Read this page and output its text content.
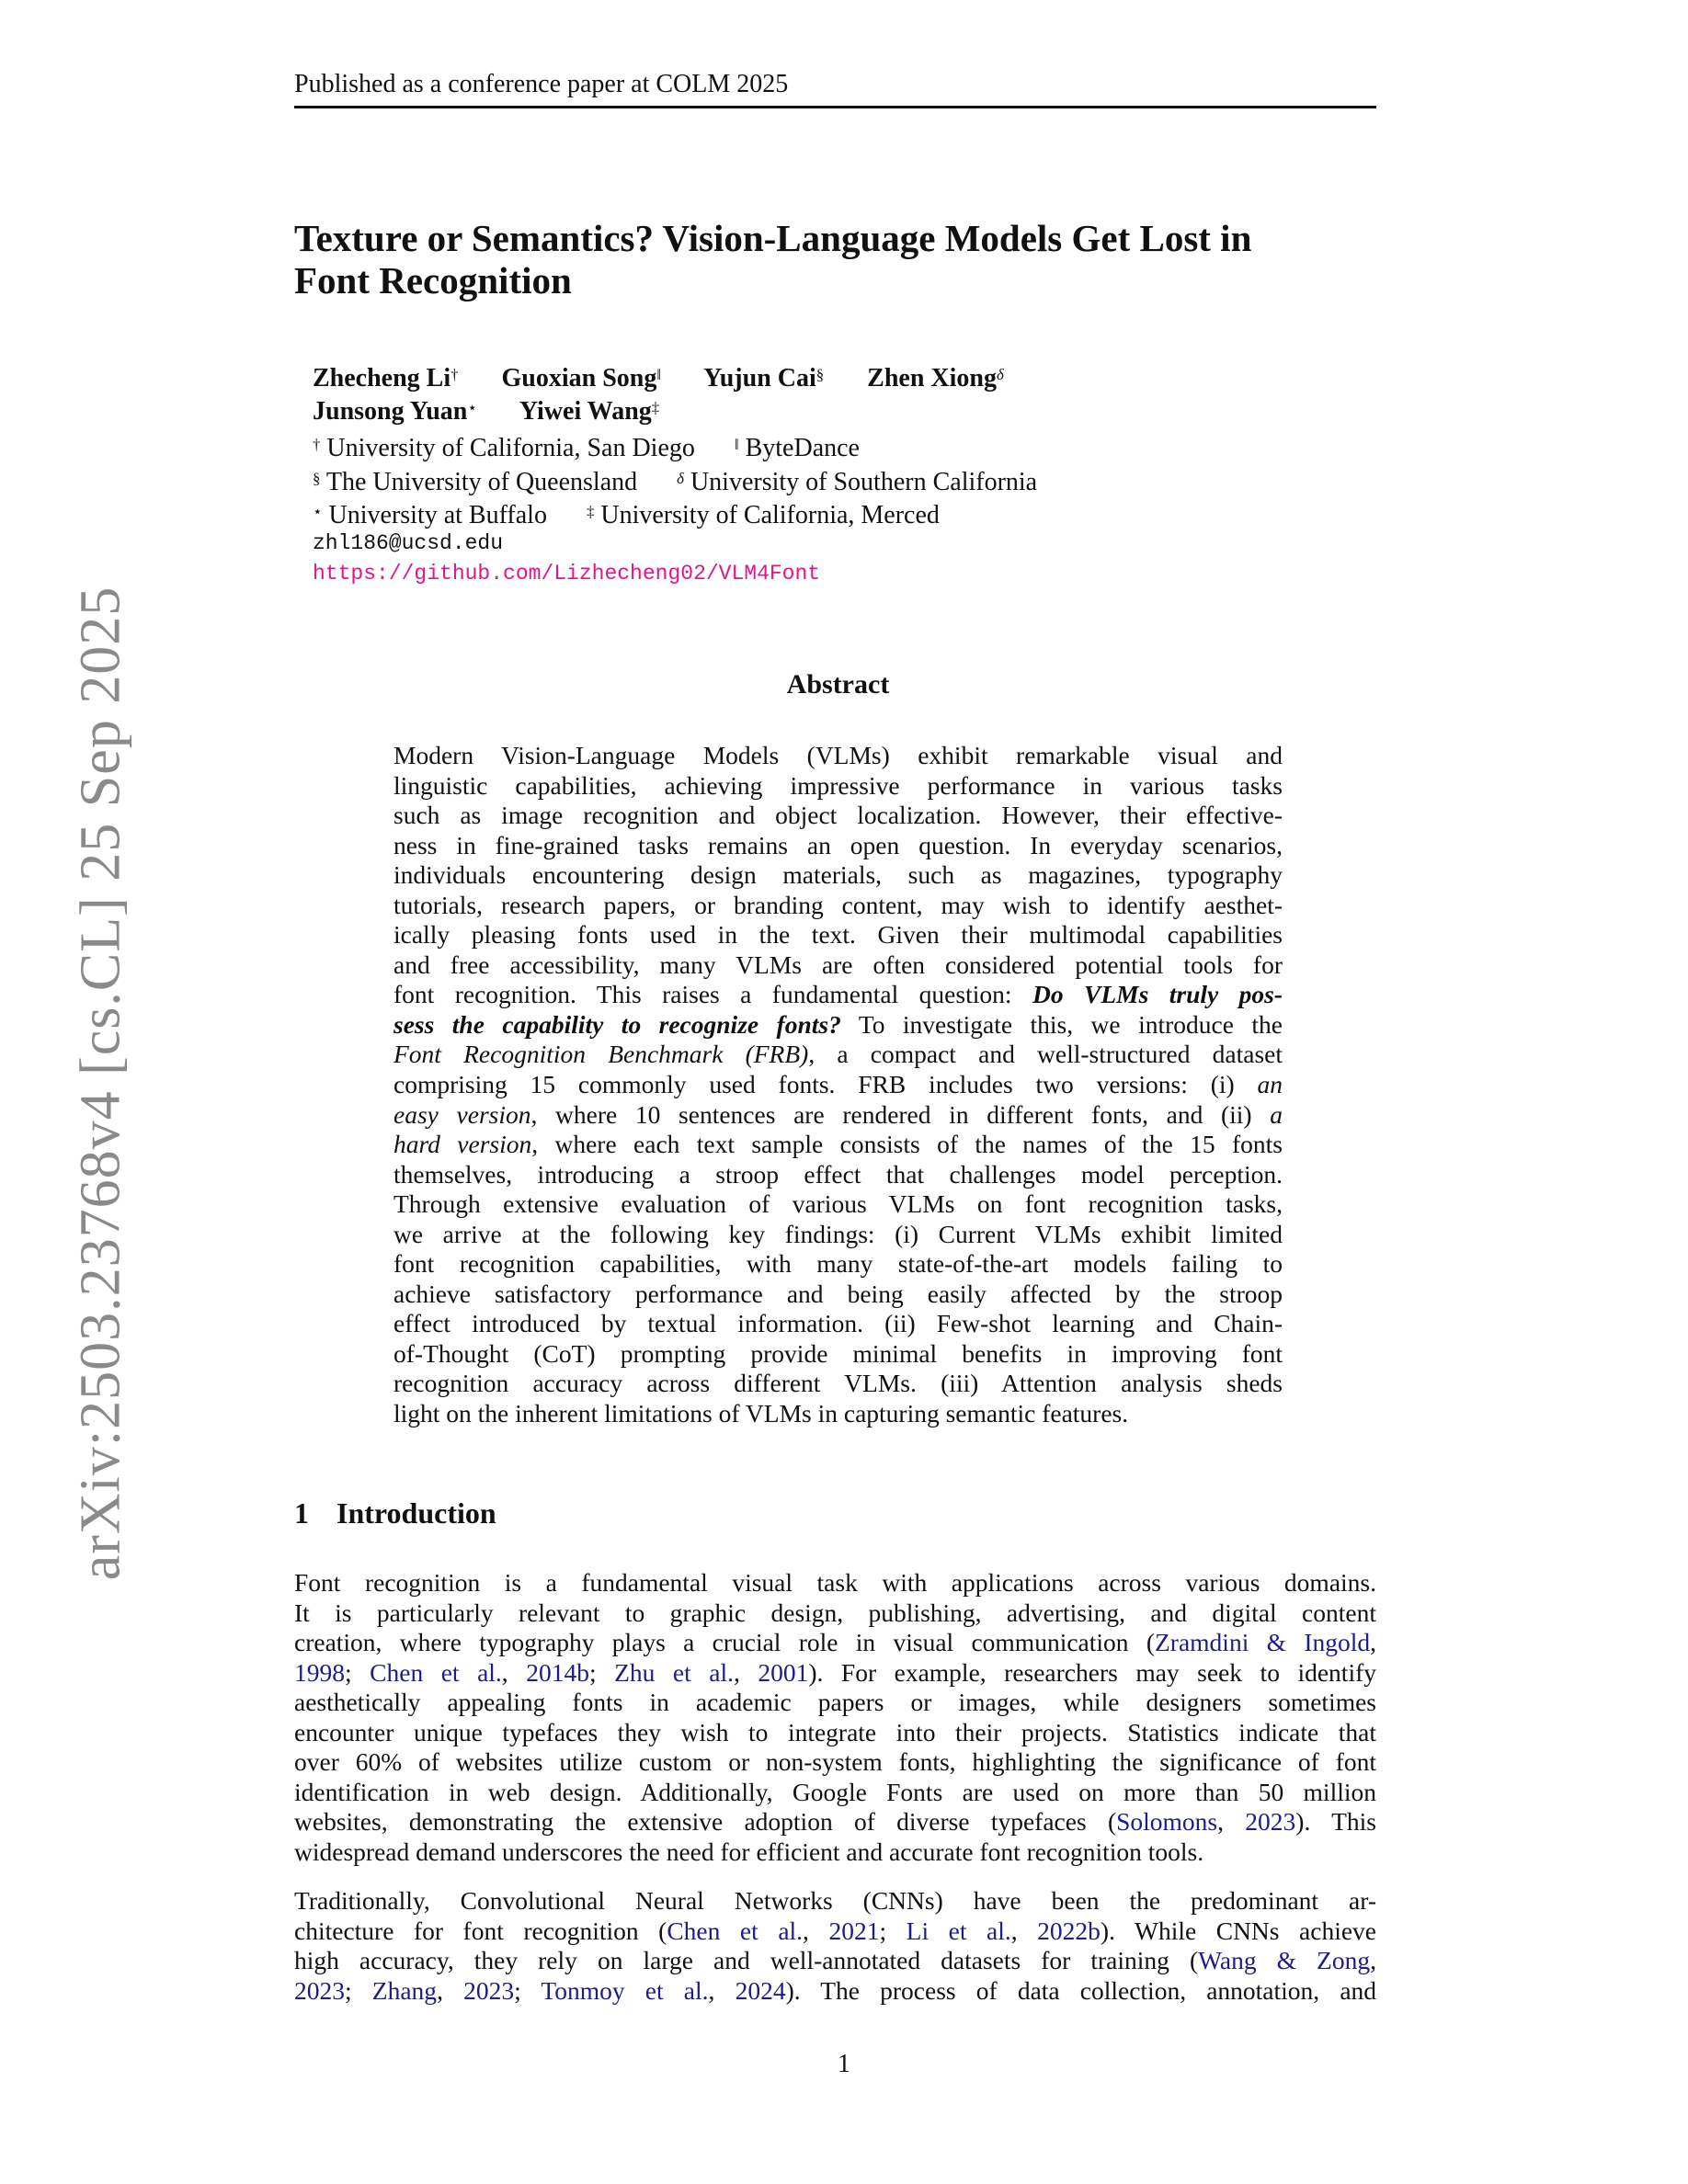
Published as a conference paper at COLM 2025
arXiv:2503.23768v4 [cs.CL] 25 Sep 2025
Texture or Semantics? Vision-Language Models Get Lost in
Font Recognition
Zhecheng Li† Guoxian Song‖ Yujun Cai§ Zhen Xiong$^\delta$
Junsong Yuan⋆ Yiwei Wang‡
† University of California, San Diego	‖ ByteDance
§ The University of Queensland	$^\delta$ University of Southern California
⋆ University at Buffalo	‡ University of California, Merced
zhl186@ucsd.edu
https://github.com/Lizhecheng02/VLM4Font
Abstract
Modern Vision-Language Models (VLMs) exhibit remarkable visual and
linguistic capabilities, achieving impressive performance in various tasks
such as image recognition and object localization. However, their effective-
ness in fine-grained tasks remains an open question. In everyday scenarios,
individuals encountering design materials, such as magazines, typography
tutorials, research papers, or branding content, may wish to identify aesthet-
ically pleasing fonts used in the text. Given their multimodal capabilities
and free accessibility, many VLMs are often considered potential tools for
font recognition. This raises a fundamental question: Do VLMs truly pos-
sess the capability to recognize fonts? To investigate this, we introduce the
Font Recognition Benchmark (FRB), a compact and well-structured dataset
comprising 15 commonly used fonts. FRB includes two versions: (i) an
easy version, where 10 sentences are rendered in different fonts, and (ii) a
hard version, where each text sample consists of the names of the 15 fonts
themselves, introducing a stroop effect that challenges model perception.
Through extensive evaluation of various VLMs on font recognition tasks,
we arrive at the following key findings: (i) Current VLMs exhibit limited
font recognition capabilities, with many state-of-the-art models failing to
achieve satisfactory performance and being easily affected by the stroop
effect introduced by textual information. (ii) Few-shot learning and Chain-
of-Thought (CoT) prompting provide minimal benefits in improving font
recognition accuracy across different VLMs. (iii) Attention analysis sheds
light on the inherent limitations of VLMs in capturing semantic features.
1 Introduction
Font recognition is a fundamental visual task with applications across various domains.
It is particularly relevant to graphic design, publishing, advertising, and digital content
creation, where typography plays a crucial role in visual communication (Zramdini & Ingold,
1998; Chen et al., 2014b; Zhu et al., 2001). For example, researchers may seek to identify
aesthetically appealing fonts in academic papers or images, while designers sometimes
encounter unique typefaces they wish to integrate into their projects. Statistics indicate that
over 60% of websites utilize custom or non-system fonts, highlighting the significance of font
identification in web design. Additionally, Google Fonts are used on more than 50 million
websites, demonstrating the extensive adoption of diverse typefaces (Solomons, 2023). This
widespread demand underscores the need for efficient and accurate font recognition tools.
Traditionally, Convolutional Neural Networks (CNNs) have been the predominant ar-
chitecture for font recognition (Chen et al., 2021; Li et al., 2022b). While CNNs achieve
high accuracy, they rely on large and well-annotated datasets for training (Wang & Zong,
2023; Zhang, 2023; Tonmoy et al., 2024). The process of data collection, annotation, and
1
